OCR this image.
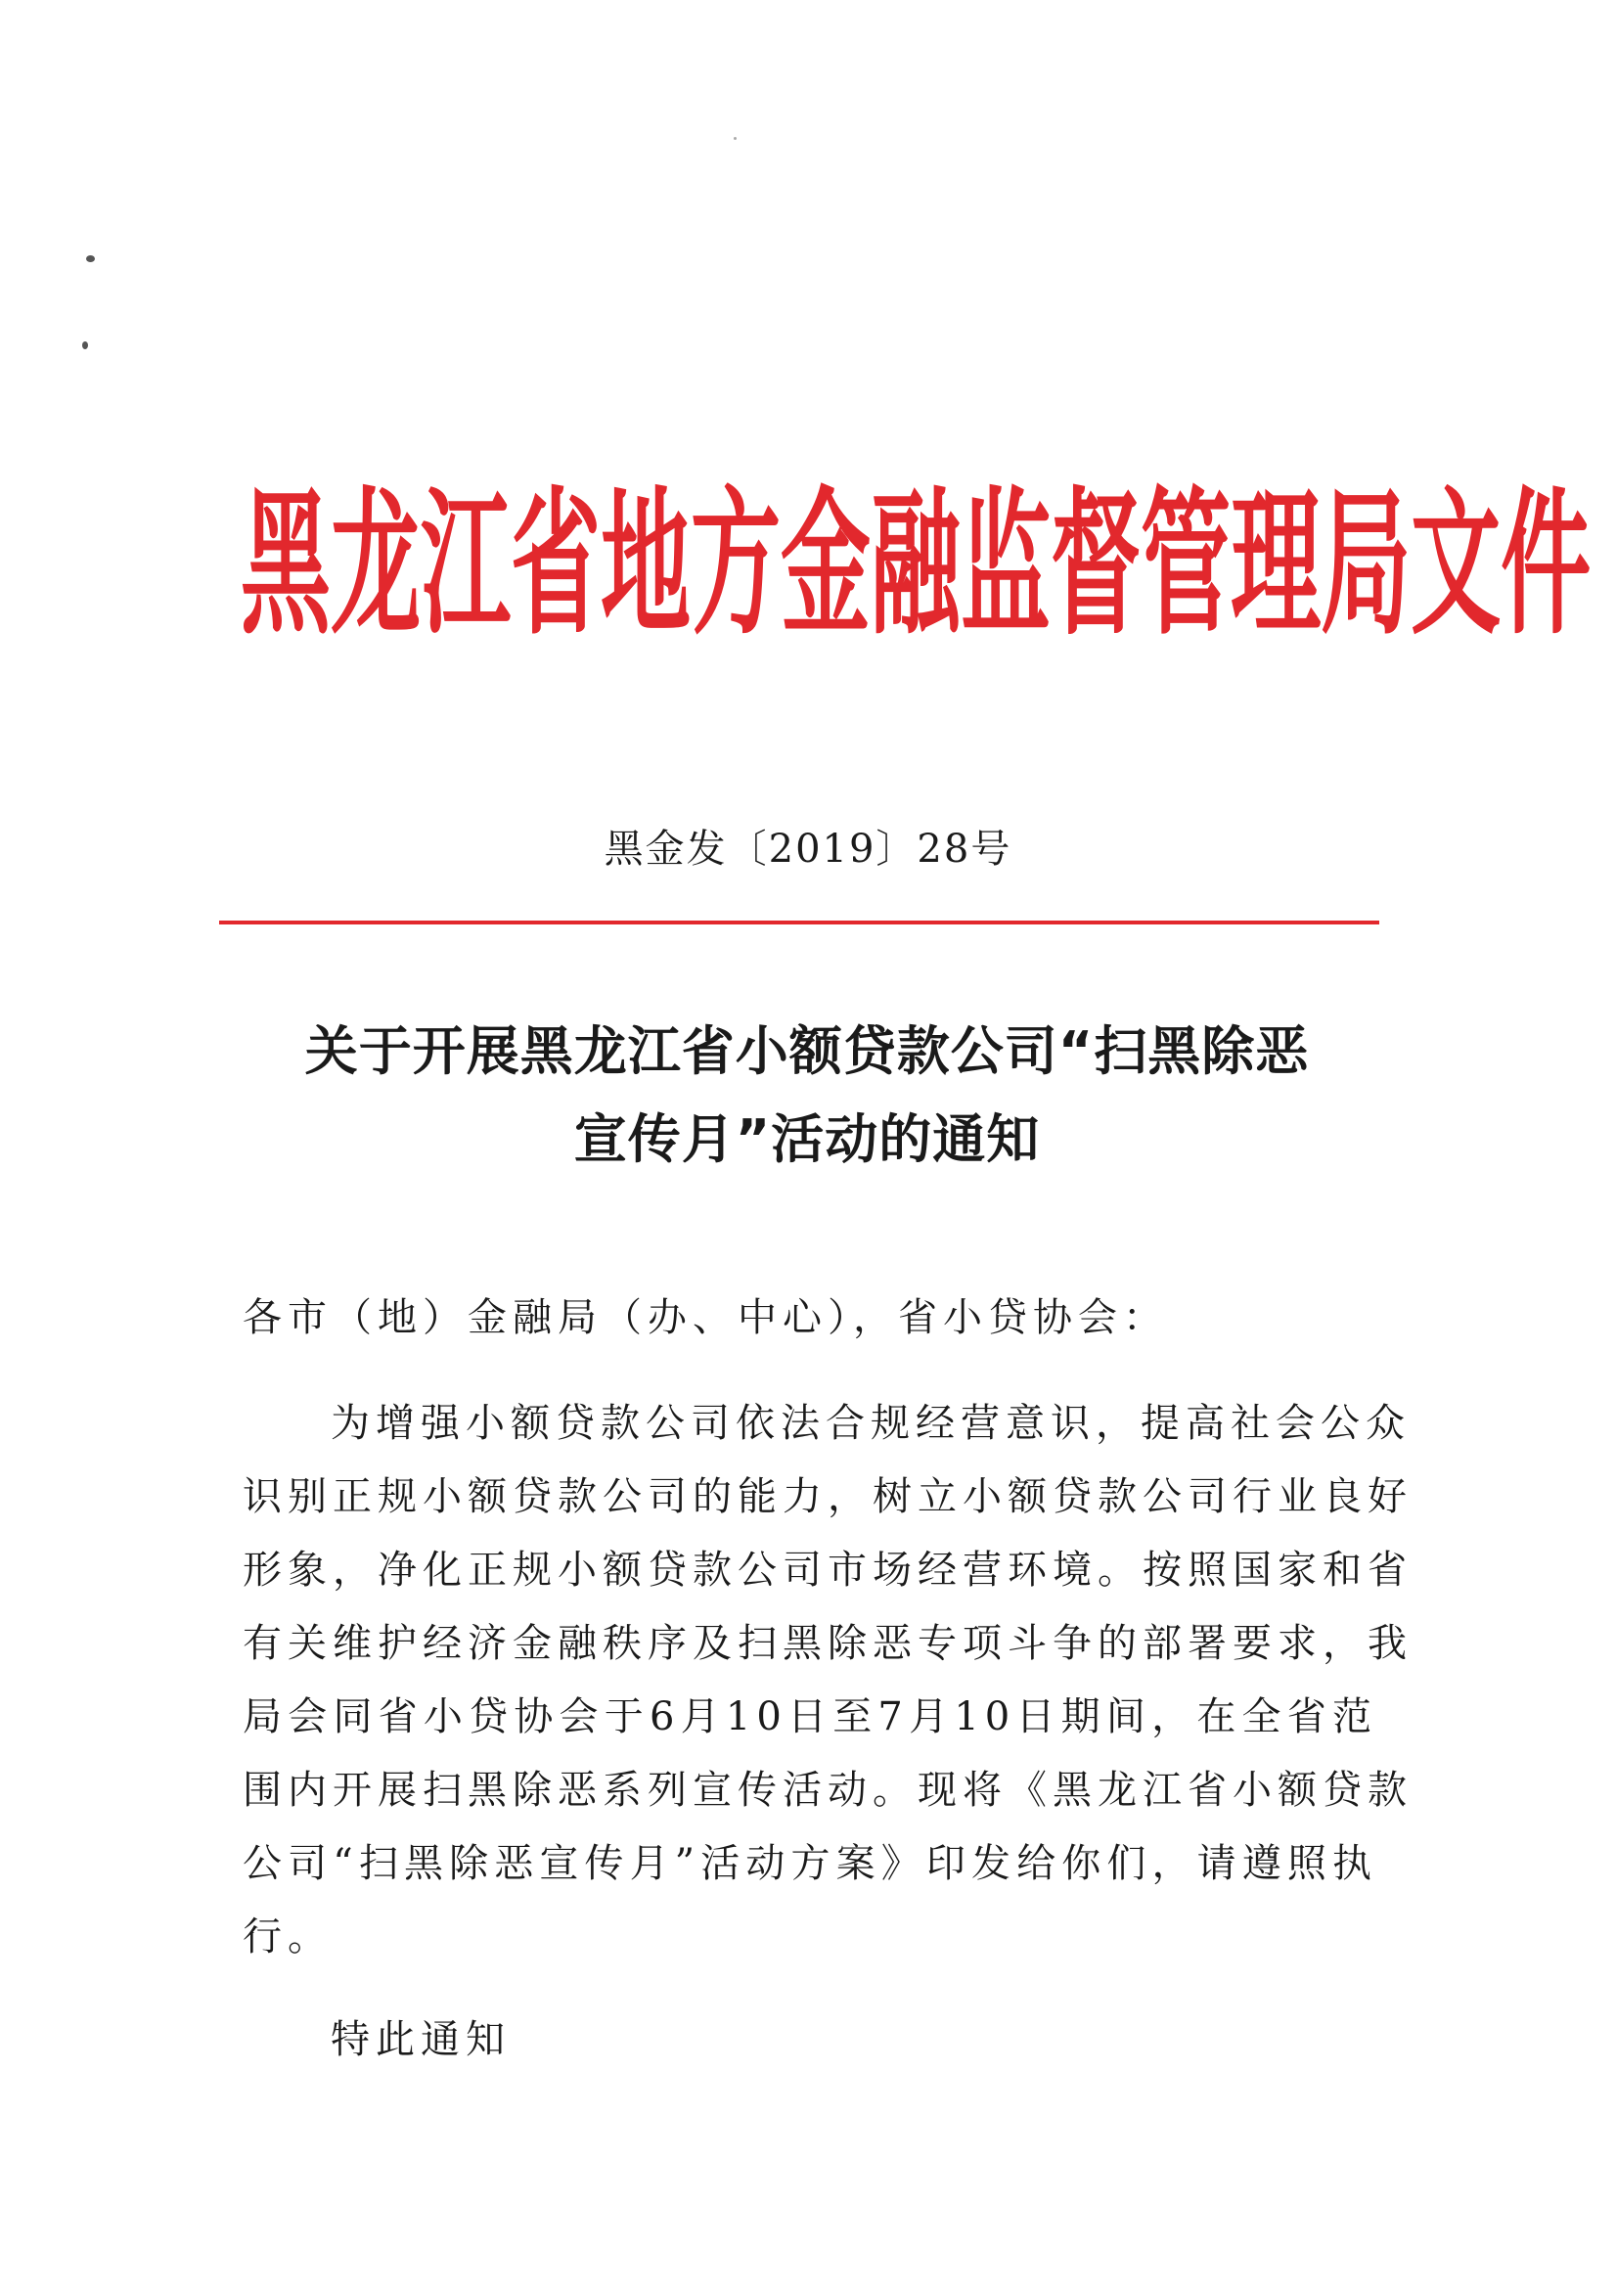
黑 龙 江 省 地 方 金 融 监 督 管 理 局 文 件
黑金发〔2019〕28号
关于开展黑龙江省小额贷款公司“扫黑除恶
宣传月”活动的通知
各市（地）金融局（办、中心），省小贷协会：
为增强小额贷款公司依法合规经营意识，提高社会公众
识别正规小额贷款公司的能力，树立小额贷款公司行业良好
形象，净化正规小额贷款公司市场经营环境。按照国家和省
有关维护经济金融秩序及扫黑除恶专项斗争的部署要求，我
局会同省小贷协会于6月10日至7月10日期间，在全省范
围内开展扫黑除恶系列宣传活动。现将《黑龙江省小额贷款
公司“扫黑除恶宣传月”活动方案》印发给你们，请遵照执
行。
特此通知
